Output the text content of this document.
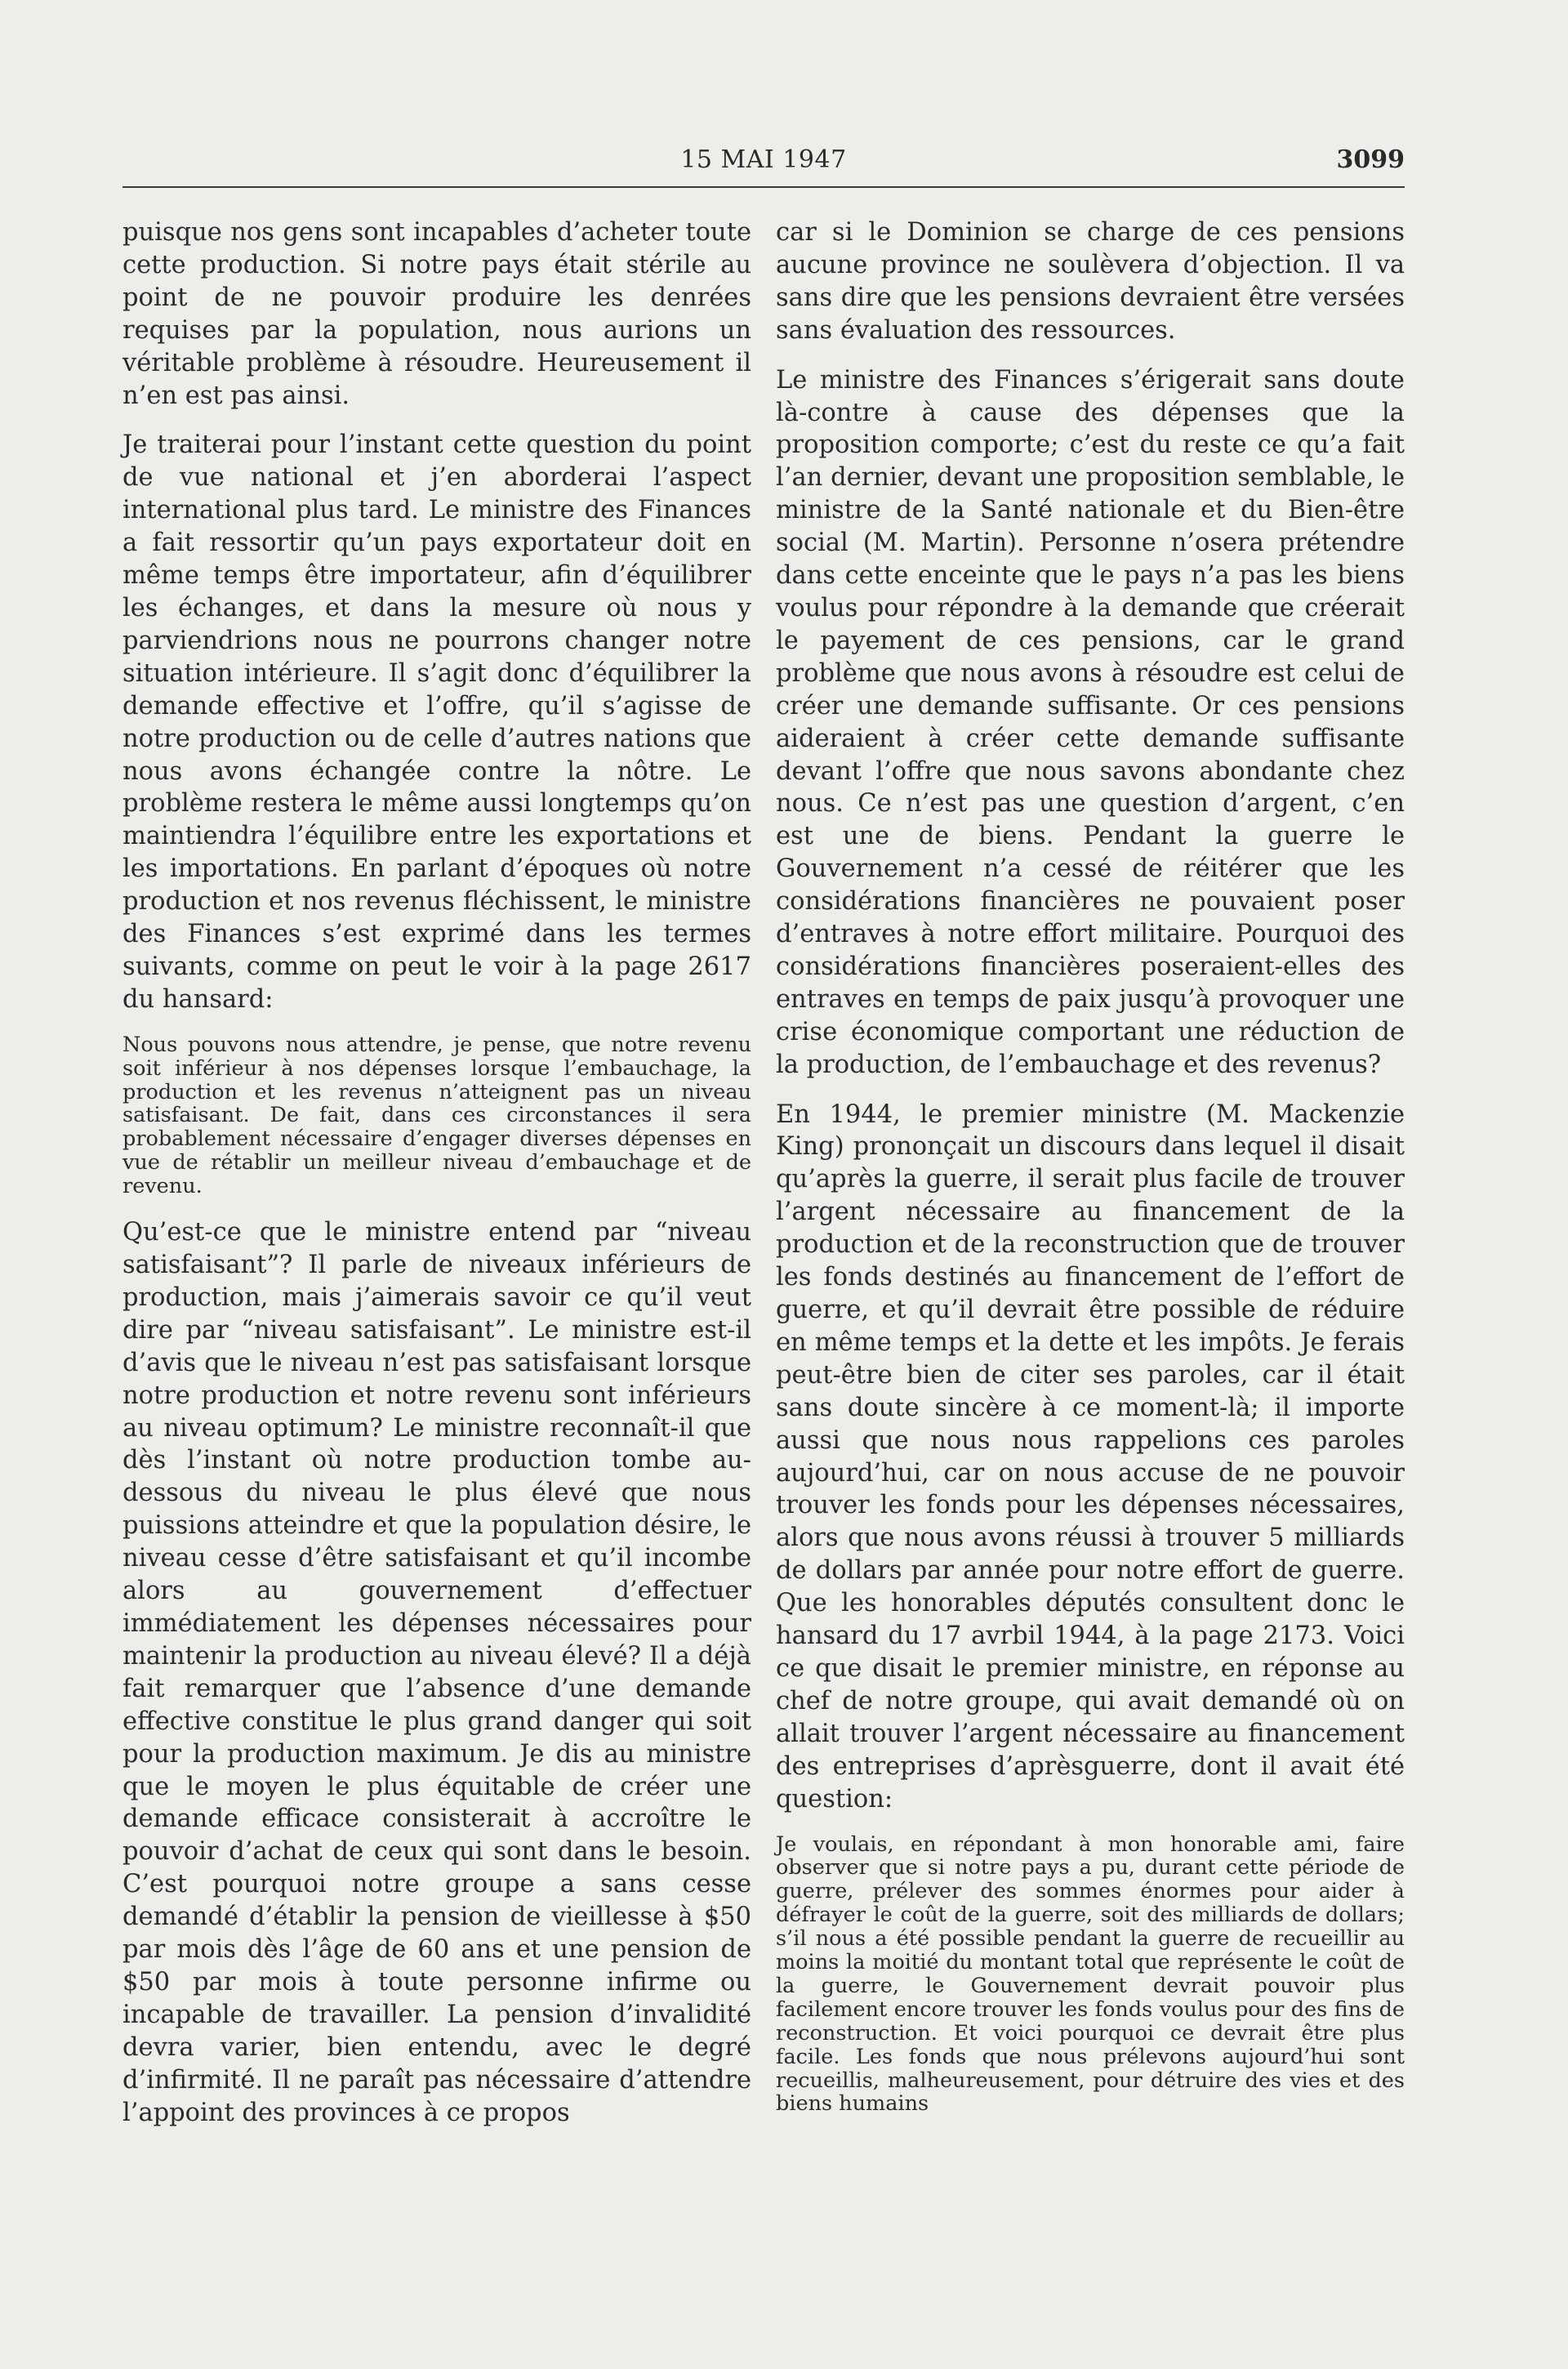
15 MAI 1947	3099

puisque nos gens sont incapables d’acheter toute cette production. Si notre pays était stérile au point de ne pouvoir produire les denrées requises par la population, nous aurions un véritable problème à résoudre. Heureusement il n’en est pas ainsi.

Je traiterai pour l’instant cette question du point de vue national et j’en aborderai l’aspect international plus tard. Le ministre des Finances a fait ressortir qu’un pays exportateur doit en même temps être importateur, afin d’équilibrer les échanges, et dans la mesure où nous y parviendrions nous ne pourrons changer notre situation intérieure. Il s’agit donc d’équilibrer la demande effective et l’offre, qu’il s’agisse de notre production ou de celle d’autres nations que nous avons échangée contre la nôtre. Le problème restera le même aussi longtemps qu’on maintiendra l’équilibre entre les exportations et les importations. En parlant d’époques où notre production et nos revenus fléchissent, le ministre des Finances s’est exprimé dans les termes suivants, comme on peut le voir à la page 2617 du hansard:

Nous pouvons nous attendre, je pense, que notre revenu soit inférieur à nos dépenses lorsque l’embauchage, la production et les revenus n’atteignent pas un niveau satisfaisant. De fait, dans ces circonstances il sera probablement nécessaire d’engager diverses dépenses en vue de rétablir un meilleur niveau d’embauchage et de revenu.

Qu’est-ce que le ministre entend par “niveau satisfaisant”? Il parle de niveaux inférieurs de production, mais j’aimerais savoir ce qu’il veut dire par “niveau satisfaisant”. Le ministre est-il d’avis que le niveau n’est pas satisfaisant lorsque notre production et notre revenu sont inférieurs au niveau optimum? Le ministre reconnaît-il que dès l’instant où notre production tombe au-dessous du niveau le plus élevé que nous puissions atteindre et que la population désire, le niveau cesse d’être satisfaisant et qu’il incombe alors au gouvernement d’effectuer immédiatement les dépenses nécessaires pour maintenir la production au niveau élevé? Il a déjà fait remarquer que l’absence d’une demande effective constitue le plus grand danger qui soit pour la production maximum. Je dis au ministre que le moyen le plus équitable de créer une demande efficace consisterait à accroître le pouvoir d’achat de ceux qui sont dans le besoin. C’est pourquoi notre groupe a sans cesse demandé d’établir la pension de vieillesse à $50 par mois dès l’âge de 60 ans et une pension de $50 par mois à toute personne infirme ou incapable de travailler. La pension d’invalidité devra varier, bien entendu, avec le degré d’infirmité. Il ne paraît pas nécessaire d’attendre l’appoint des provinces à ce propos

car si le Dominion se charge de ces pensions aucune province ne soulèvera d’objection. Il va sans dire que les pensions devraient être versées sans évaluation des ressources.

Le ministre des Finances s’érigerait sans doute là-contre à cause des dépenses que la proposition comporte; c’est du reste ce qu’a fait l’an dernier, devant une proposition semblable, le ministre de la Santé nationale et du Bien-être social (M. Martin). Personne n’osera prétendre dans cette enceinte que le pays n’a pas les biens voulus pour répondre à la demande que créerait le payement de ces pensions, car le grand problème que nous avons à résoudre est celui de créer une demande suffisante. Or ces pensions aideraient à créer cette demande suffisante devant l’offre que nous savons abondante chez nous. Ce n’est pas une question d’argent, c’en est une de biens. Pendant la guerre le Gouvernement n’a cessé de réitérer que les considérations financières ne pouvaient poser d’entraves à notre effort militaire. Pourquoi des considérations financières poseraient-elles des entraves en temps de paix jusqu’à provoquer une crise économique comportant une réduction de la production, de l’embauchage et des revenus?

En 1944, le premier ministre (M. Mackenzie King) prononçait un discours dans lequel il disait qu’après la guerre, il serait plus facile de trouver l’argent nécessaire au financement de la production et de la reconstruction que de trouver les fonds destinés au financement de l’effort de guerre, et qu’il devrait être possible de réduire en même temps et la dette et les impôts. Je ferais peut-être bien de citer ses paroles, car il était sans doute sincère à ce moment-là; il importe aussi que nous nous rappelions ces paroles aujourd’hui, car on nous accuse de ne pouvoir trouver les fonds pour les dépenses nécessaires, alors que nous avons réussi à trouver 5 milliards de dollars par année pour notre effort de guerre. Que les honorables députés consultent donc le hansard du 17 avrbil 1944, à la page 2173. Voici ce que disait le premier ministre, en réponse au chef de notre groupe, qui avait demandé où on allait trouver l’argent nécessaire au financement des entreprises d’aprèsguerre, dont il avait été question:

Je voulais, en répondant à mon honorable ami, faire observer que si notre pays a pu, durant cette période de guerre, prélever des sommes énormes pour aider à défrayer le coût de la guerre, soit des milliards de dollars; s’il nous a été possible pendant la guerre de recueillir au moins la moitié du montant total que représente le coût de la guerre, le Gouvernement devrait pouvoir plus facilement encore trouver les fonds voulus pour des fins de reconstruction. Et voici pourquoi ce devrait être plus facile. Les fonds que nous prélevons aujourd’hui sont recueillis, malheureusement, pour détruire des vies et des biens humains
